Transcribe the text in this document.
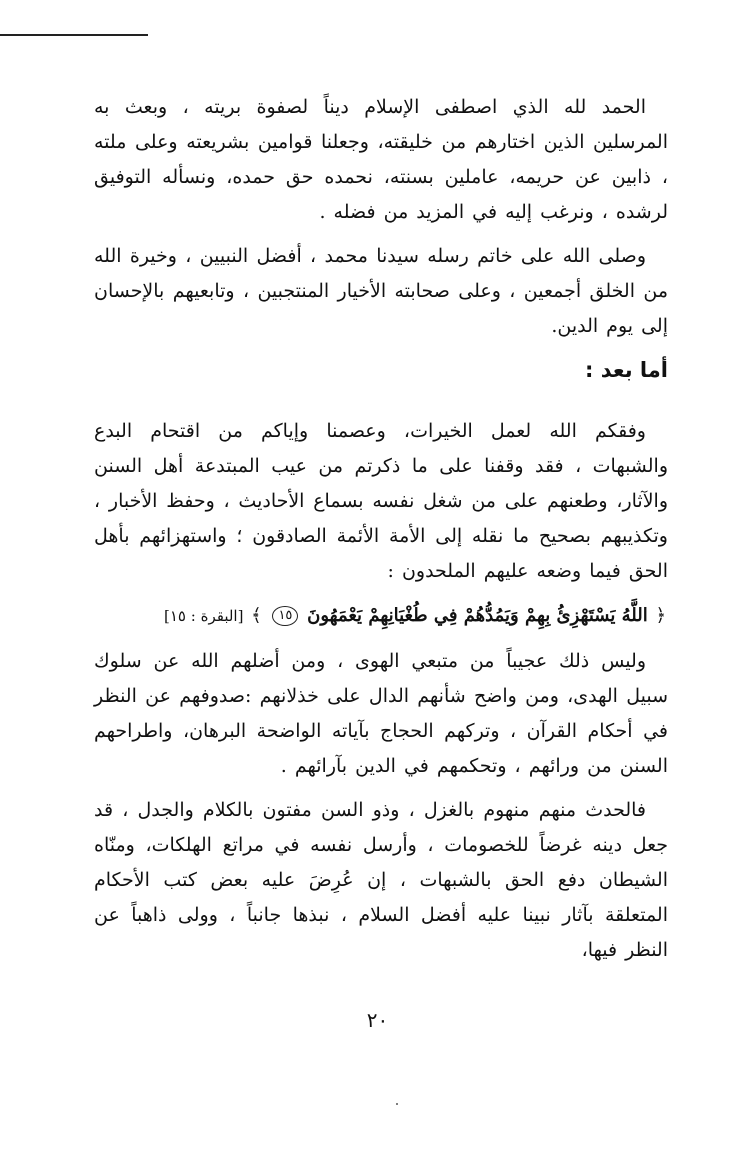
الحمد لله الذي اصطفى الإسلام ديناً لصفوة بريته ، وبعث به المرسلين الذين اختارهم من خليقته، وجعلنا قوامين بشريعته وعلى ملته ، ذابين عن حريمه، عاملين بسنته، نحمده حق حمده، ونسأله التوفيق لرشده ، ونرغب إليه في المزيد من فضله .

وصلى الله على خاتم رسله سيدنا محمد ، أفضل النبيين ، وخيرة الله من الخلق أجمعين ، وعلى صحابته الأخيار المنتجبين ، وتابعيهم بالإحسان إلى يوم الدين.

أما بعد :

وفقكم الله لعمل الخيرات، وعصمنا وإياكم من اقتحام البدع والشبهات ، فقد وقفنا على ما ذكرتم من عيب المبتدعة أهل السنن والآثار، وطعنهم على من شغل نفسه بسماع الأحاديث ، وحفظ الأخبار ، وتكذيبهم بصحيح ما نقله إلى الأمة الأئمة الصادقون ؛ واستهزائهم بأهل الحق فيما وضعه عليهم الملحدون :

﴿ اللَّهُ يَسْتَهْزِئُ بِهِمْ وَيَمُدُّهُمْ فِي طُغْيَانِهِمْ يَعْمَهُونَ ١٥ ﴾ [البقرة : ١٥]

وليس ذلك عجيباً من متبعي الهوى ، ومن أضلهم الله عن سلوك سبيل الهدى، ومن واضح شأنهم الدال على خذلانهم :صدوفهم عن النظر في أحكام القرآن ، وتركهم الحجاج بآياته الواضحة البرهان، واطراحهم السنن من ورائهم ، وتحكمهم في الدين بآرائهم .

فالحدث منهم منهوم بالغزل ، وذو السن مفتون بالكلام والجدل ، قد جعل دينه غرضاً للخصومات ، وأرسل نفسه في مراتع الهلكات، ومنّاه الشيطان دفع الحق بالشبهات ، إن عُرِضَ عليه بعض كتب الأحكام المتعلقة بآثار نبينا عليه أفضل السلام ، نبذها جانباً ، وولى ذاهباً عن النظر فيها،

٢٠
